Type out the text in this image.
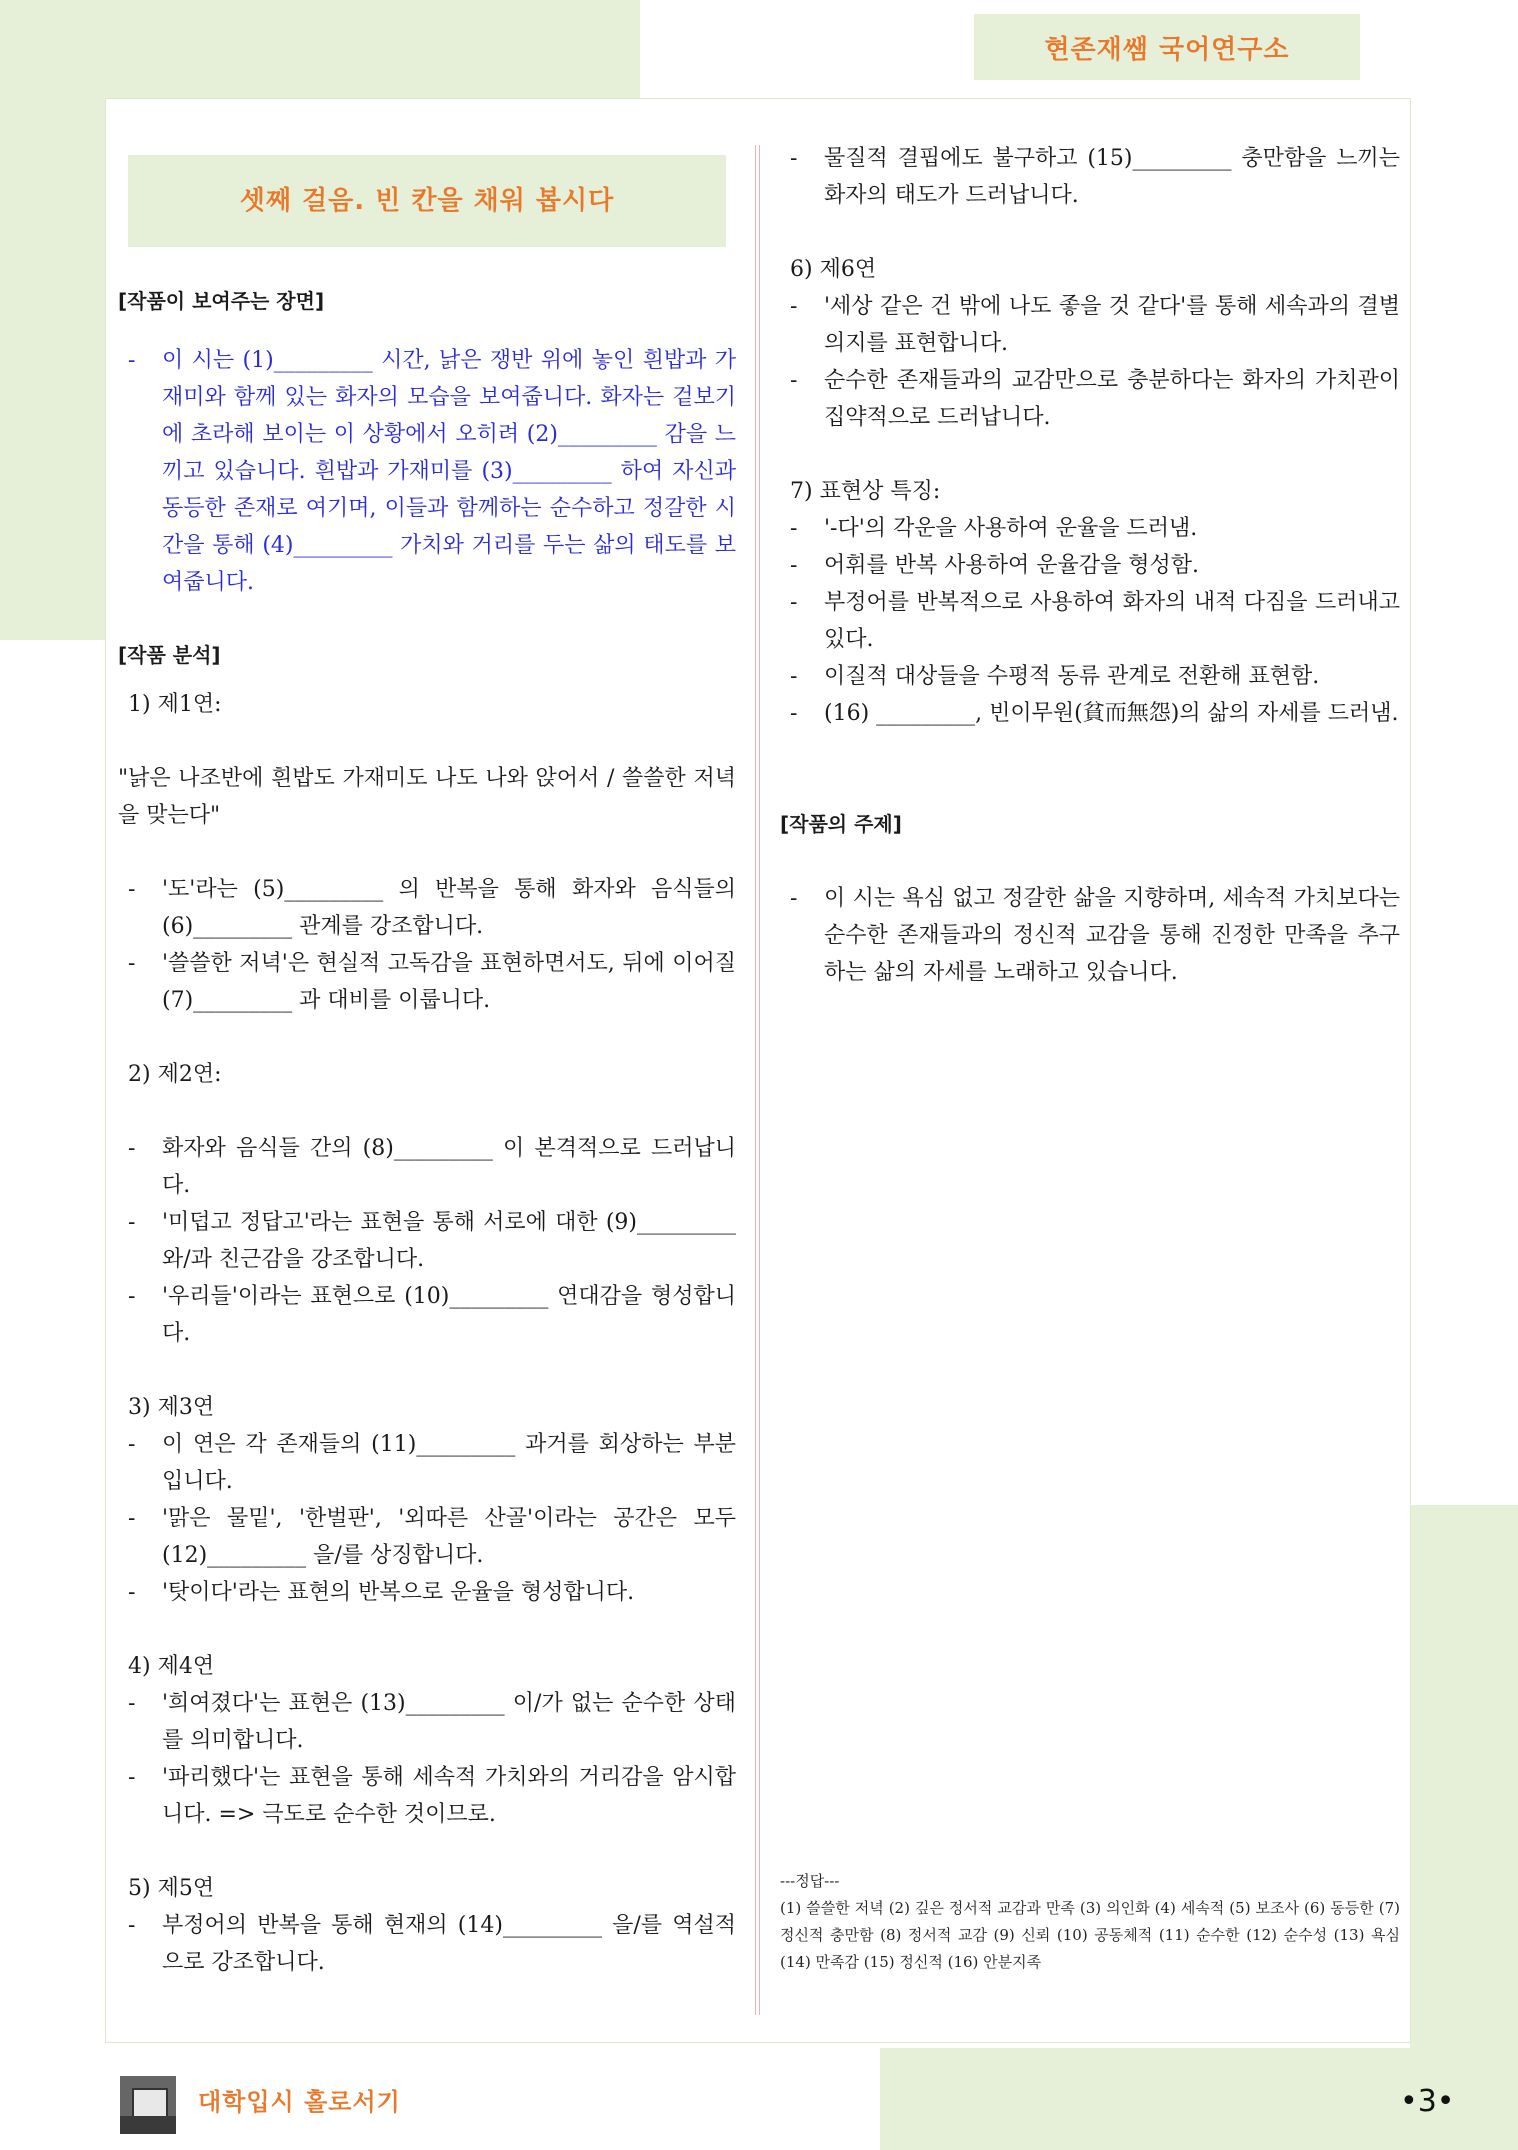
현존재쌤 국어연구소
셋째 걸음. 빈 칸을 채워 봅시다
[작품이 보여주는 장면]
- 이 시는 (1)_________ 시간, 낡은 쟁반 위에 놓인 흰밥과 가재미와 함께 있는 화자의 모습을 보여줍니다. 화자는 겉보기에 초라해 보이는 이 상황에서 오히려 (2)_________ 감을 느끼고 있습니다. 흰밥과 가재미를 (3)_________ 하여 자신과 동등한 존재로 여기며, 이들과 함께하는 순수하고 정갈한 시간을 통해 (4)_________ 가치와 거리를 두는 삶의 태도를 보여줍니다.
[작품 분석]
1) 제1연:
"낡은 나조반에 흰밥도 가재미도 나도 나와 앉어서 / 쓸쓸한 저녁을 맞는다"
- '도'라는 (5)_________ 의 반복을 통해 화자와 음식들의 (6)_________ 관계를 강조합니다.
- '쓸쓸한 저녁'은 현실적 고독감을 표현하면서도, 뒤에 이어질 (7)_________ 과 대비를 이룹니다.
2) 제2연:
- 화자와 음식들 간의 (8)_________ 이 본격적으로 드러납니다.
- '미덥고 정답고'라는 표현을 통해 서로에 대한 (9)_________ 와/과 친근감을 강조합니다.
- '우리들'이라는 표현으로 (10)_________ 연대감을 형성합니다.
3) 제3연
- 이 연은 각 존재들의 (11)_________ 과거를 회상하는 부분입니다.
- '맑은 물밑', '한벌판', '외따른 산골'이라는 공간은 모두 (12)_________ 을/를 상징합니다.
- '탓이다'라는 표현의 반복으로 운율을 형성합니다.
4) 제4연
- '희여졌다'는 표현은 (13)_________ 이/가 없는 순수한 상태를 의미합니다.
- '파리했다'는 표현을 통해 세속적 가치와의 거리감을 암시합니다. => 극도로 순수한 것이므로.
5) 제5연
- 부정어의 반복을 통해 현재의 (14)_________ 을/를 역설적으로 강조합니다.
- 물질적 결핍에도 불구하고 (15)_________ 충만함을 느끼는 화자의 태도가 드러납니다.
6) 제6연
- '세상 같은 건 밖에 나도 좋을 것 같다'를 통해 세속과의 결별 의지를 표현합니다.
- 순수한 존재들과의 교감만으로 충분하다는 화자의 가치관이 집약적으로 드러납니다.
7) 표현상 특징:
- '-다'의 각운을 사용하여 운율을 드러냄.
- 어휘를 반복 사용하여 운율감을 형성함.
- 부정어를 반복적으로 사용하여 화자의 내적 다짐을 드러내고 있다.
- 이질적 대상들을 수평적 동류 관계로 전환해 표현함.
- (16) _________, 빈이무원(貧而無怨)의 삶의 자세를 드러냄.
[작품의 주제]
- 이 시는 욕심 없고 정갈한 삶을 지향하며, 세속적 가치보다는 순수한 존재들과의 정신적 교감을 통해 진정한 만족을 추구하는 삶의 자세를 노래하고 있습니다.
---정답---
(1) 쓸쓸한 저녁 (2) 깊은 정서적 교감과 만족 (3) 의인화 (4) 세속적 (5) 보조사 (6) 동등한 (7) 정신적 충만함 (8) 정서적 교감 (9) 신뢰 (10) 공동체적 (11) 순수한 (12) 순수성 (13) 욕심 (14) 만족감 (15) 정신적 (16) 안분지족
대학입시 홀로서기	•3•
